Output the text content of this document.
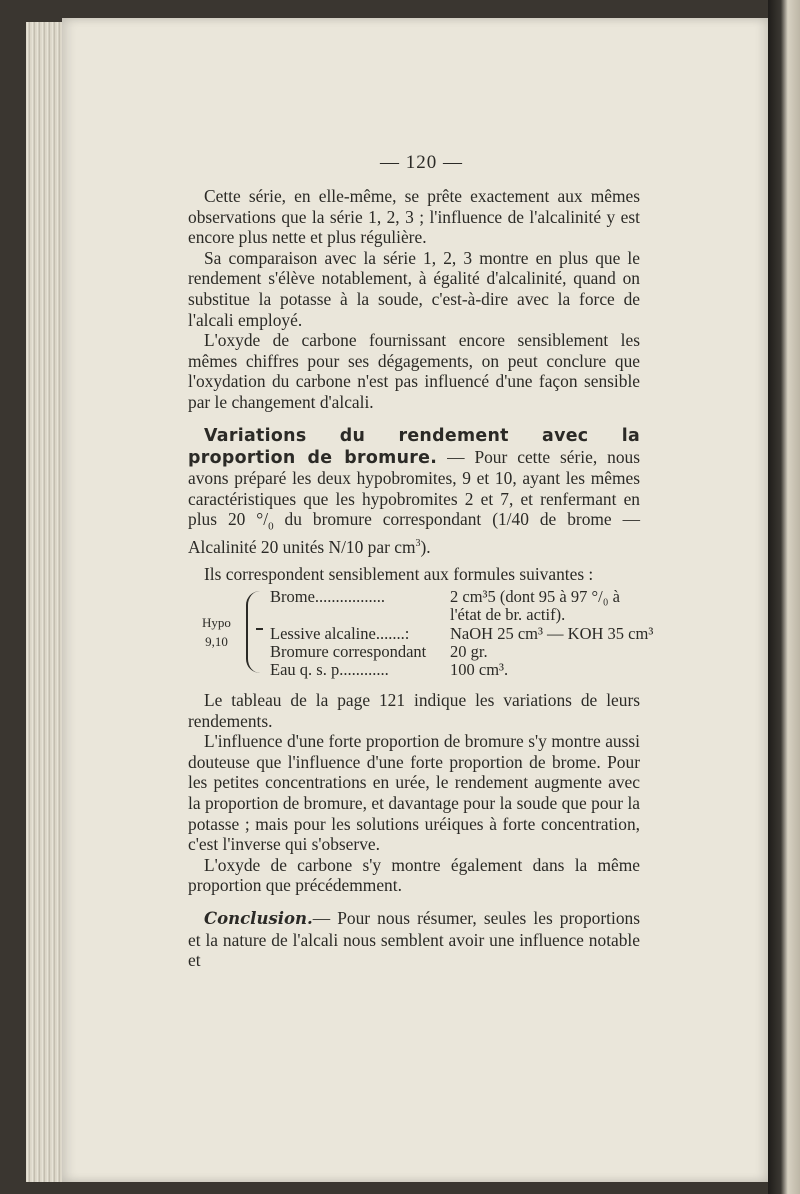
— 120 —

Cette série, en elle-même, se prête exactement aux mêmes observations que la série 1, 2, 3 ; l'influence de l'alcalinité y est encore plus nette et plus régulière.

Sa comparaison avec la série 1, 2, 3 montre en plus que le rendement s'élève notablement, à égalité d'alcalinité, quand on substitue la potasse à la soude, c'est-à-dire avec la force de l'alcali employé.

L'oxyde de carbone fournissant encore sensiblement les mêmes chiffres pour ses dégagements, on peut conclure que l'oxydation du carbone n'est pas influencé d'une façon sensible par le changement d'alcali.

Variations du rendement avec la proportion de bromure. — Pour cette série, nous avons préparé les deux hypobromites, 9 et 10, ayant les mêmes caractéristiques que les hypobromites 2 et 7, et renfermant en plus 20 $^\circ/_0$ du bromure correspondant (1/40 de brome — Alcalinité 20 unités N/10 par $cm^3$).

Ils correspondent sensiblement aux formules suivantes :

Hypo
9,10
Brome.................	2 cm³5 (dont 95 à 97 °/₀ à
l'état de br. actif).
Lessive alcaline.......: NaOH 25 cm³ — KOH 35 cm³
Bromure correspondant 20 gr.
Eau q. s. p............	100 cm³.

Le tableau de la page 121 indique les variations de leurs rendements.

L'influence d'une forte proportion de bromure s'y montre aussi douteuse que l'influence d'une forte proportion de brome. Pour les petites concentrations en urée, le rendement augmente avec la proportion de bromure, et davantage pour la soude que pour la potasse ; mais pour les solutions uréiques à forte concentration, c'est l'inverse qui s'observe.

L'oxyde de carbone s'y montre également dans la même proportion que précédemment.

Conclusion.— Pour nous résumer, seules les proportions et la nature de l'alcali nous semblent avoir une influence notable et
